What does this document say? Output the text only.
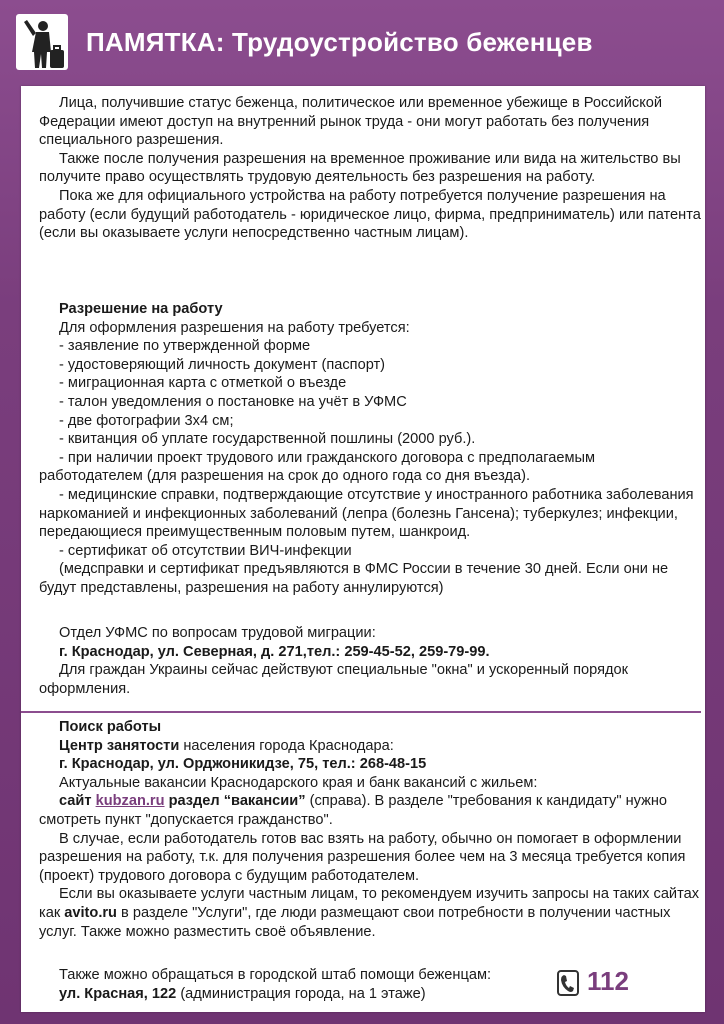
ПАМЯТКА: Трудоустройство беженцев

Лица, получившие статус беженца, политическое или временное убежище в Российской Федерации имеют доступ на внутренний рынок труда - они могут работать без получения специального разрешения.

Также после получения разрешения на временное проживание или вида на жительство вы получите право осуществлять трудовую деятельность без разрешения на работу.

Пока же для официального устройства на работу потребуется получение разрешения на работу (если будущий работодатель - юридическое лицо, фирма, предприниматель) или патента (если вы оказываете услуги непосредственно частным лицам).

Разрешение на работу

Для оформления разрешения на работу требуется:

- заявление по утвержденной форме

- удостоверяющий личность документ (паспорт)

- миграционная карта с отметкой о въезде

- талон уведомления о постановке на учёт в УФМС

- две фотографии 3х4 см;

- квитанция об уплате государственной пошлины (2000 руб.).

- при наличии проект трудового или гражданского договора с предполагаемым работодателем (для разрешения на срок до одного года со дня въезда).

- медицинские справки, подтверждающие отсутствие у иностранного работника заболевания наркоманией и инфекционных заболеваний (лепра (болезнь Гансена); туберкулез; инфекции, передающиеся преимущественным половым путем, шанкроид.

- сертификат об отсутствии ВИЧ-инфекции

(медсправки и сертификат предъявляются в ФМС России в течение 30 дней. Если они не будут представлены, разрешения на работу аннулируются)

Отдел УФМС по вопросам трудовой миграции:

г. Краснодар, ул. Северная, д. 271,тел.: 259-45-52, 259-79-99.

Для граждан Украины сейчас действуют специальные "окна" и ускоренный порядок оформления.

Поиск работы

Центр занятости населения города Краснодара:

г. Краснодар, ул. Орджоникидзе, 75, тел.: 268-48-15

Актуальные вакансии Краснодарского края и банк вакансий с жильем:

сайт kubzan.ru раздел “вакансии” (справа). В разделе "требования к кандидату" нужно смотреть пункт "допускается гражданство".

В случае, если работодатель готов вас взять на работу, обычно он помогает в оформлении разрешения на работу, т.к. для получения разрешения более чем на 3 месяца требуется копия (проект) трудового договора с будущим работодателем.

Если вы оказываете услуги частным лицам, то рекомендуем изучить запросы на таких сайтах как avito.ru в разделе "Услуги", где люди размещают свои потребности в получении частных услуг. Также можно разместить своё объявление.

Также можно обращаться в городской штаб помощи беженцам:

ул. Красная, 122 (администрация города, на 1 этаже)	112
